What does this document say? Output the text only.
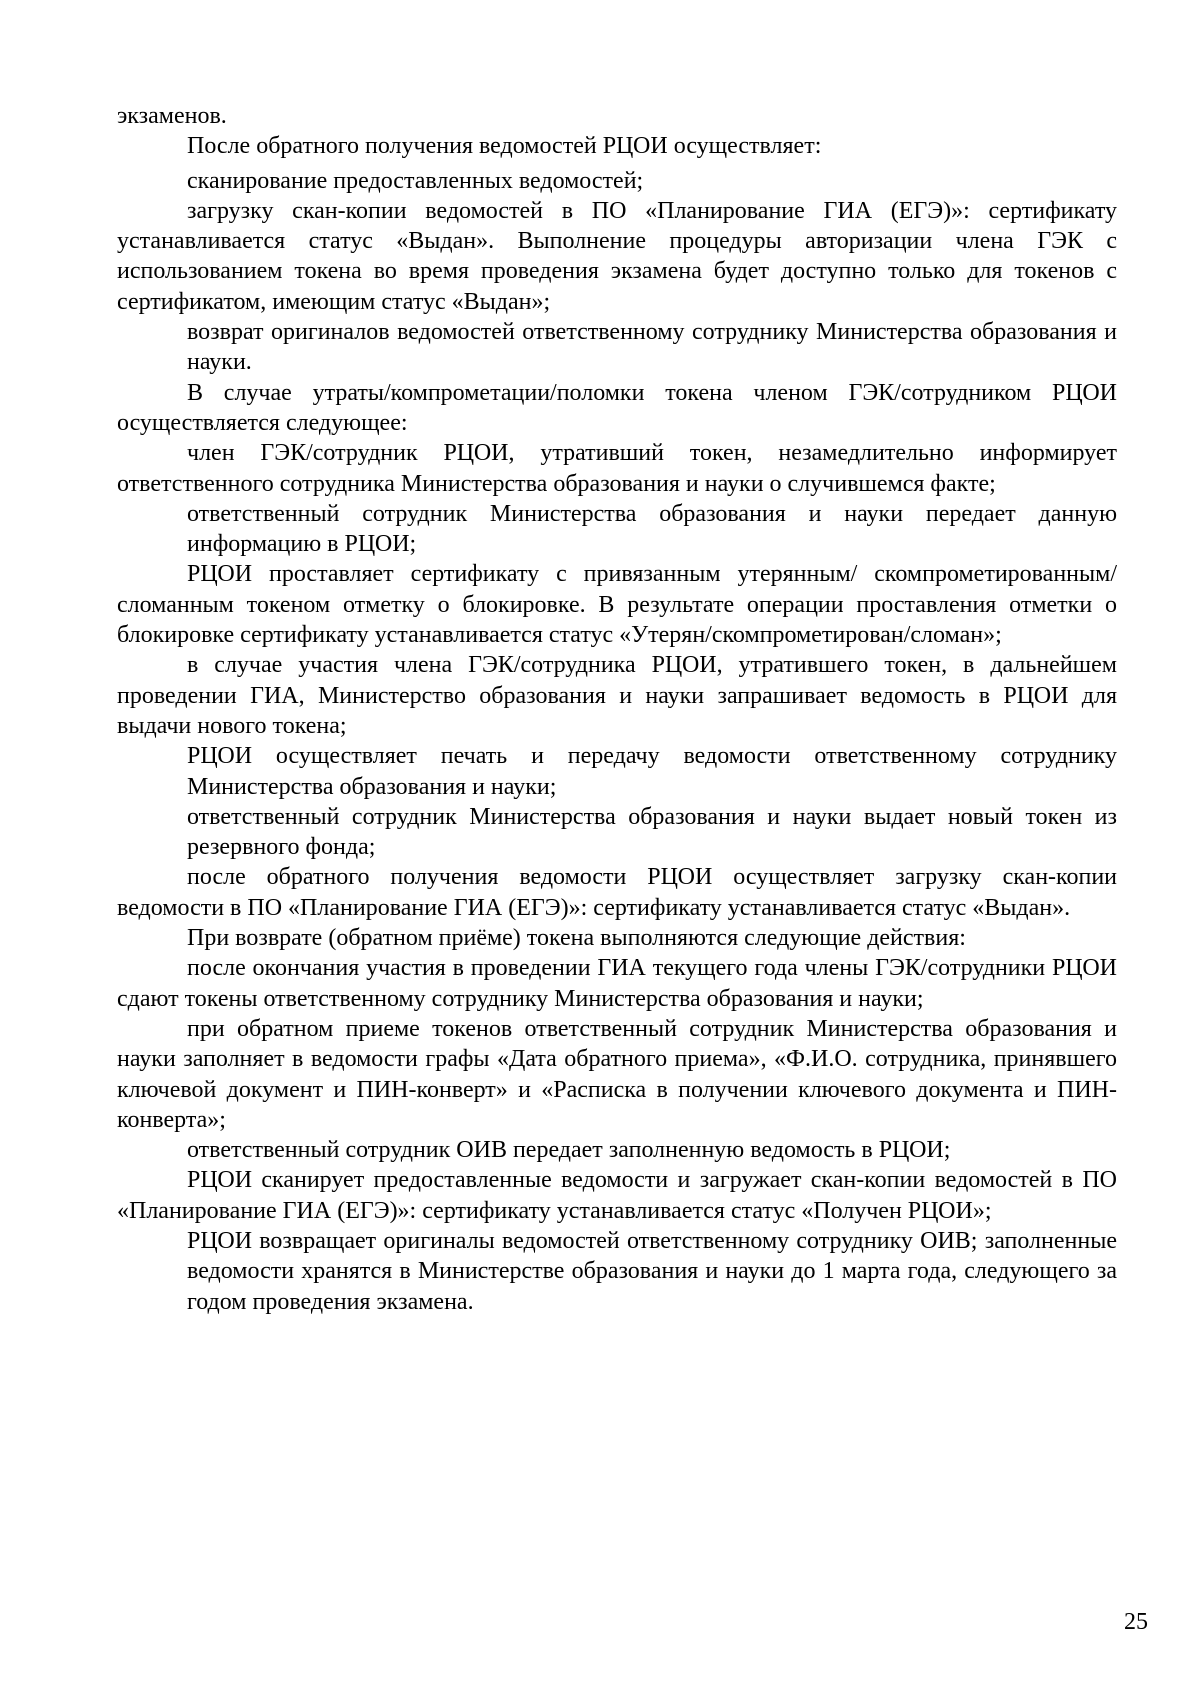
экзаменов.

После обратного получения ведомостей РЦОИ осуществляет:

сканирование предоставленных ведомостей;

загрузку скан-копии ведомостей в ПО «Планирование ГИА (ЕГЭ)»: сертификату устанавливается статус «Выдан». Выполнение процедуры авторизации члена ГЭК с использованием токена во время проведения экзамена будет доступно только для токенов с сертификатом, имеющим статус «Выдан»;

возврат оригиналов ведомостей ответственному сотруднику Министерства образования и науки.

В случае утраты/компрометации/поломки токена членом ГЭК/сотрудником РЦОИ осуществляется следующее:

член ГЭК/сотрудник РЦОИ, утративший токен, незамедлительно информирует ответственного сотрудника Министерства образования и науки о случившемся факте;

ответственный сотрудник Министерства образования и науки передает данную информацию в РЦОИ;

РЦОИ проставляет сертификату с привязанным утерянным/ скомпрометированным/сломанным токеном отметку о блокировке. В результате операции проставления отметки о блокировке сертификату устанавливается статус «Утерян/скомпрометирован/сломан»;

в случае участия члена ГЭК/сотрудника РЦОИ, утратившего токен, в дальнейшем проведении ГИА, Министерство образования и науки запрашивает ведомость в РЦОИ для выдачи нового токена;

РЦОИ осуществляет печать и передачу ведомости ответственному сотруднику Министерства образования и науки;

ответственный сотрудник Министерства образования и науки выдает новый токен из резервного фонда;

после обратного получения ведомости РЦОИ осуществляет загрузку скан-копии ведомости в ПО «Планирование ГИА (ЕГЭ)»: сертификату устанавливается статус «Выдан».

При возврате (обратном приёме) токена выполняются следующие действия:

после окончания участия в проведении ГИА текущего года члены ГЭК/сотрудники РЦОИ сдают токены ответственному сотруднику Министерства образования и науки;

при обратном приеме токенов ответственный сотрудник Министерства образования и науки заполняет в ведомости графы «Дата обратного приема», «Ф.И.О. сотрудника, принявшего ключевой документ и ПИН-конверт» и «Расписка в получении ключевого документа и ПИН-конверта»;

ответственный сотрудник ОИВ передает заполненную ведомость в РЦОИ;

РЦОИ сканирует предоставленные ведомости и загружает скан-копии ведомостей в ПО «Планирование ГИА (ЕГЭ)»: сертификату устанавливается статус «Получен РЦОИ»;

РЦОИ возвращает оригиналы ведомостей ответственному сотруднику ОИВ; заполненные ведомости хранятся в Министерстве образования и науки до 1 марта года, следующего за годом проведения экзамена.

25
